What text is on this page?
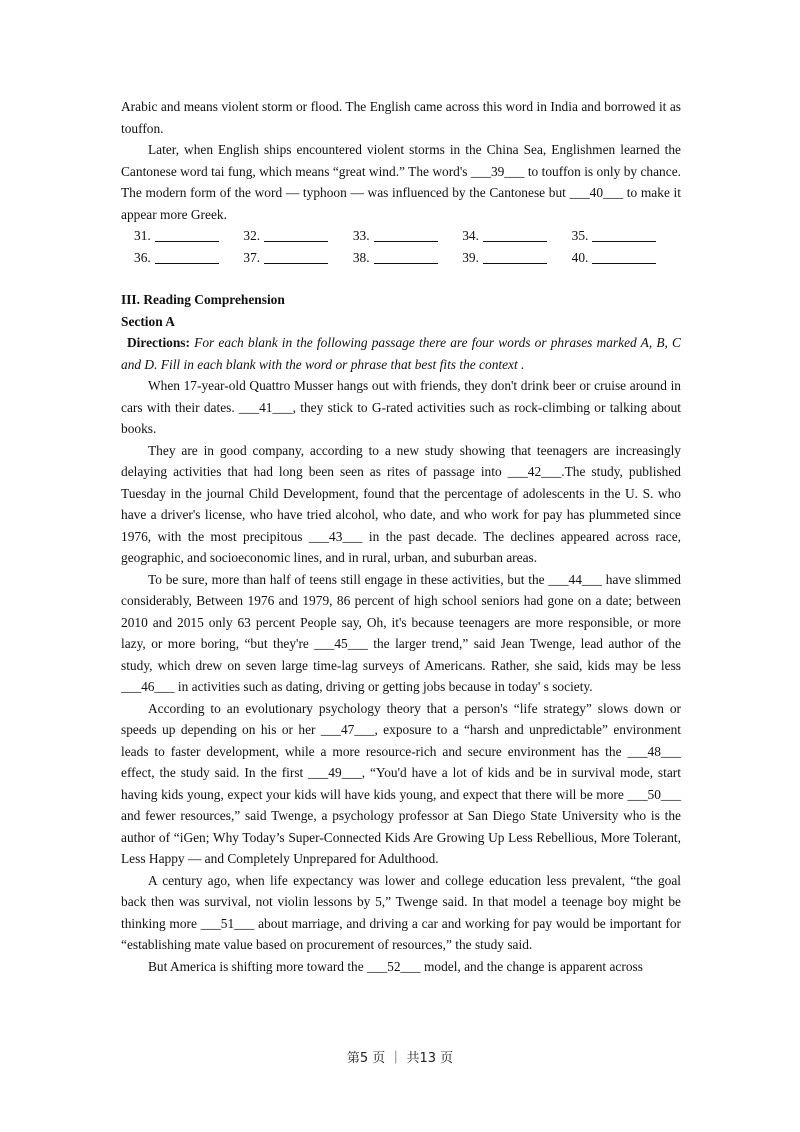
Arabic and means violent storm or flood. The English came across this word in India and borrowed it as touffon.

Later, when English ships encountered violent storms in the China Sea, Englishmen learned the Cantonese word tai fung, which means “great wind.” The word's ___39___ to touffon is only by chance. The modern form of the word — typhoon — was influenced by the Cantonese but ___40___ to make it appear more Greek.

31.	32.	33.	34.	35.
36.	37.	38.	39.	40.

III. Reading Comprehension

Section A

Directions: For each blank in the following passage there are four words or phrases marked A, B, C and D. Fill in each blank with the word or phrase that best fits the context .

When 17-year-old Quattro Musser hangs out with friends, they don't drink beer or cruise around in cars with their dates. ___41___, they stick to G-rated activities such as rock-climbing or talking about books.

They are in good company, according to a new study showing that teenagers are increasingly delaying activities that had long been seen as rites of passage into ___42___.The study, published Tuesday in the journal Child Development, found that the percentage of adolescents in the U. S. who have a driver's license, who have tried alcohol, who date, and who work for pay has plummeted since 1976, with the most precipitous ___43___ in the past decade. The declines appeared across race, geographic, and socioeconomic lines, and in rural, urban, and suburban areas.

To be sure, more than half of teens still engage in these activities, but the ___44___ have slimmed considerably, Between 1976 and 1979, 86 percent of high school seniors had gone on a date; between 2010 and 2015 only 63 percent People say, Oh, it's because teenagers are more responsible, or more lazy, or more boring, “but they're ___45___ the larger trend,” said Jean Twenge, lead author of the study, which drew on seven large time-lag surveys of Americans. Rather, she said, kids may be less ___46___ in activities such as dating, driving or getting jobs because in today' s society.

According to an evolutionary psychology theory that a person's “life strategy” slows down or speeds up depending on his or her ___47___, exposure to a “harsh and unpredictable” environment leads to faster development, while a more resource-rich and secure environment has the ___48___ effect, the study said. In the first ___49___, “You'd have a lot of kids and be in survival mode, start having kids young, expect your kids will have kids young, and expect that there will be more ___50___ and fewer resources,” said Twenge, a psychology professor at San Diego State University who is the author of “iGen; Why Today’s Super-Connected Kids Are Growing Up Less Rebellious, More Tolerant, Less Happy — and Completely Unprepared for Adulthood.

A century ago, when life expectancy was lower and college education less prevalent, “the goal back then was survival, not violin lessons by 5,” Twenge said. In that model a teenage boy might be thinking more ___51___ about marriage, and driving a car and working for pay would be important for “establishing mate value based on procurement of resources,” the study said.

But America is shifting more toward the ___52___ model, and the change is apparent across

第5 页 ｜ 共13 页
